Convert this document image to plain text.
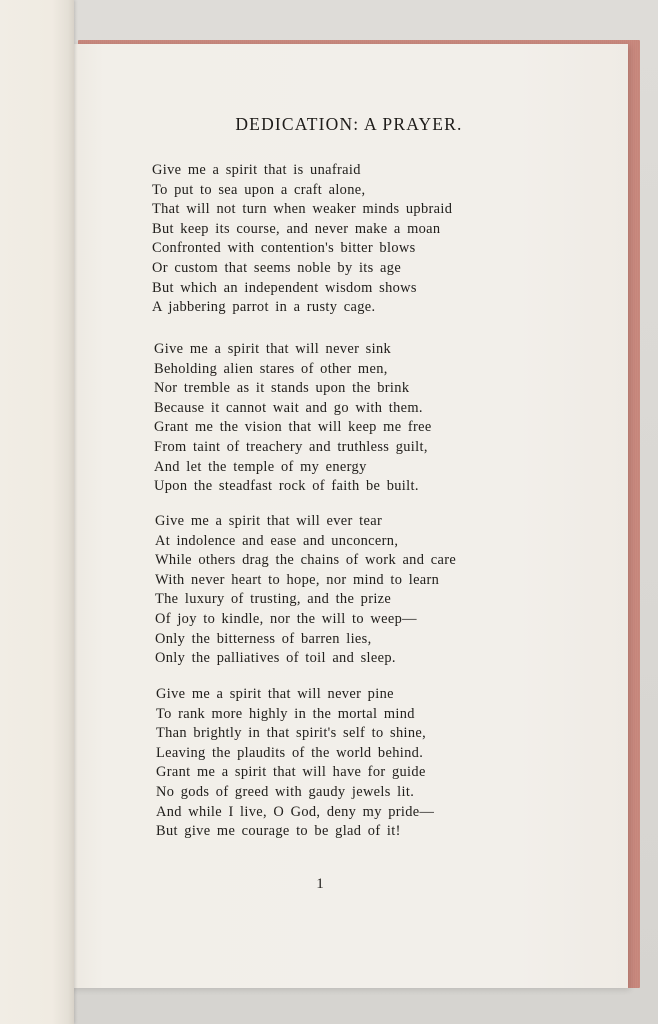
DEDICATION: A PRAYER.
Give me a spirit that is unafraid
To put to sea upon a craft alone,
That will not turn when weaker minds upbraid
But keep its course, and never make a moan
Confronted with contention's bitter blows
Or custom that seems noble by its age
But which an independent wisdom shows
A jabbering parrot in a rusty cage.
Give me a spirit that will never sink
Beholding alien stares of other men,
Nor tremble as it stands upon the brink
Because it cannot wait and go with them.
Grant me the vision that will keep me free
From taint of treachery and truthless guilt,
And let the temple of my energy
Upon the steadfast rock of faith be built.
Give me a spirit that will ever tear
At indolence and ease and unconcern,
While others drag the chains of work and care
With never heart to hope, nor mind to learn
The luxury of trusting, and the prize
Of joy to kindle, nor the will to weep—
Only the bitterness of barren lies,
Only the palliatives of toil and sleep.
Give me a spirit that will never pine
To rank more highly in the mortal mind
Than brightly in that spirit's self to shine,
Leaving the plaudits of the world behind.
Grant me a spirit that will have for guide
No gods of greed with gaudy jewels lit.
And while I live, O God, deny my pride—
But give me courage to be glad of it!
1
